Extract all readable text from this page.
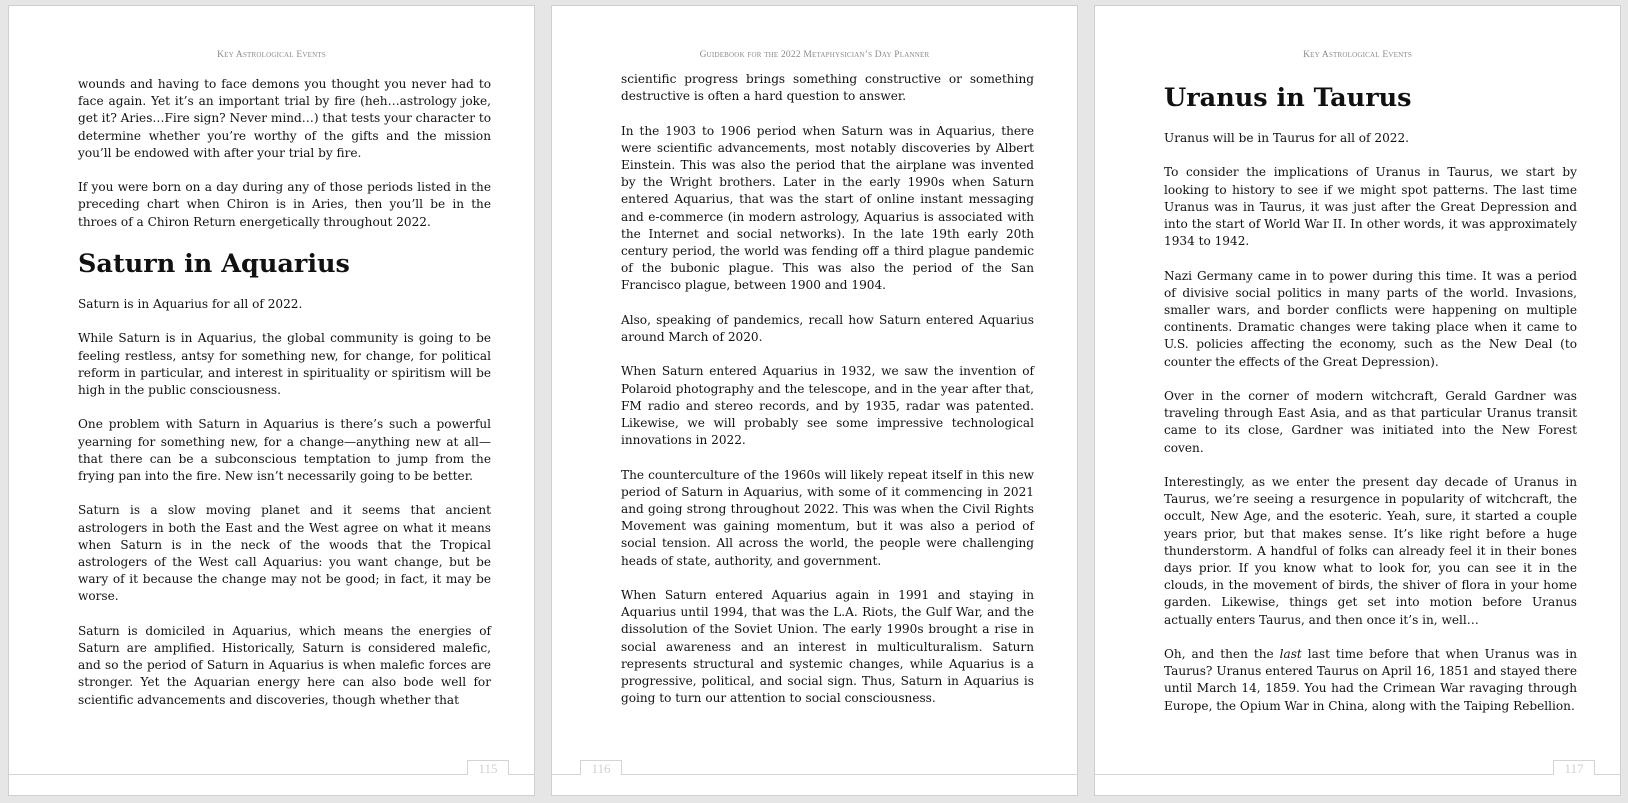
Key Astrological Events

wounds and having to face demons you thought you never had to face again. Yet it’s an important trial by fire (heh…astrology joke, get it? Aries…Fire sign? Never mind…) that tests your character to determine whether you’re worthy of the gifts and the mission you’ll be endowed with after your trial by fire.

If you were born on a day during any of those periods listed in the preceding chart when Chiron is in Aries, then you’ll be in the throes of a Chiron Return energetically throughout 2022.

Saturn in Aquarius

Saturn is in Aquarius for all of 2022.

While Saturn is in Aquarius, the global community is going to be feeling restless, antsy for something new, for change, for political reform in particular, and interest in spirituality or spiritism will be high in the public consciousness.

One problem with Saturn in Aquarius is there’s such a powerful yearning for something new, for a change—anything new at all—that there can be a subconscious temptation to jump from the frying pan into the fire. New isn’t necessarily going to be better.

Saturn is a slow moving planet and it seems that ancient astrologers in both the East and the West agree on what it means when Saturn is in the neck of the woods that the Tropical astrologers of the West call Aquarius: you want change, but be wary of it because the change may not be good; in fact, it may be worse.

Saturn is domiciled in Aquarius, which means the energies of Saturn are amplified. Historically, Saturn is considered malefic, and so the period of Saturn in Aquarius is when malefic forces are stronger. Yet the Aquarian energy here can also bode well for scientific advancements and discoveries, though whether that

115
Guidebook for the 2022 Metaphysician’s Day Planner

scientific progress brings something constructive or something destructive is often a hard question to answer.

In the 1903 to 1906 period when Saturn was in Aquarius, there were scientific advancements, most notably discoveries by Albert Einstein. This was also the period that the airplane was invented by the Wright brothers. Later in the early 1990s when Saturn entered Aquarius, that was the start of online instant messaging and e-commerce (in modern astrology, Aquarius is associated with the Internet and social networks). In the late 19th early 20th century period, the world was fending off a third plague pandemic of the bubonic plague. This was also the period of the San Francisco plague, between 1900 and 1904.

Also, speaking of pandemics, recall how Saturn entered Aquarius around March of 2020.

When Saturn entered Aquarius in 1932, we saw the invention of Polaroid photography and the telescope, and in the year after that, FM radio and stereo records, and by 1935, radar was patented. Likewise, we will probably see some impressive technological innovations in 2022.

The counterculture of the 1960s will likely repeat itself in this new period of Saturn in Aquarius, with some of it commencing in 2021 and going strong throughout 2022. This was when the Civil Rights Movement was gaining momentum, but it was also a period of social tension. All across the world, the people were challenging heads of state, authority, and government.

When Saturn entered Aquarius again in 1991 and staying in Aquarius until 1994, that was the L.A. Riots, the Gulf War, and the dissolution of the Soviet Union. The early 1990s brought a rise in social awareness and an interest in multiculturalism. Saturn represents structural and systemic changes, while Aquarius is a progressive, political, and social sign. Thus, Saturn in Aquarius is going to turn our attention to social consciousness.

116
Key Astrological Events
Uranus in Taurus

Uranus will be in Taurus for all of 2022.

To consider the implications of Uranus in Taurus, we start by looking to history to see if we might spot patterns. The last time Uranus was in Taurus, it was just after the Great Depression and into the start of World War II. In other words, it was approximately 1934 to 1942.

Nazi Germany came in to power during this time. It was a period of divisive social politics in many parts of the world. Invasions, smaller wars, and border conflicts were happening on multiple continents. Dramatic changes were taking place when it came to U.S. policies affecting the economy, such as the New Deal (to counter the effects of the Great Depression).

Over in the corner of modern witchcraft, Gerald Gardner was traveling through East Asia, and as that particular Uranus transit came to its close, Gardner was initiated into the New Forest coven.

Interestingly, as we enter the present day decade of Uranus in Taurus, we’re seeing a resurgence in popularity of witchcraft, the occult, New Age, and the esoteric. Yeah, sure, it started a couple years prior, but that makes sense. It’s like right before a huge thunderstorm. A handful of folks can already feel it in their bones days prior. If you know what to look for, you can see it in the clouds, in the movement of birds, the shiver of flora in your home garden. Likewise, things get set into motion before Uranus actually enters Taurus, and then once it’s in, well…

Oh, and then the last last time before that when Uranus was in Taurus? Uranus entered Taurus on April 16, 1851 and stayed there until March 14, 1859. You had the Crimean War ravaging through Europe, the Opium War in China, along with the Taiping Rebellion.

117
